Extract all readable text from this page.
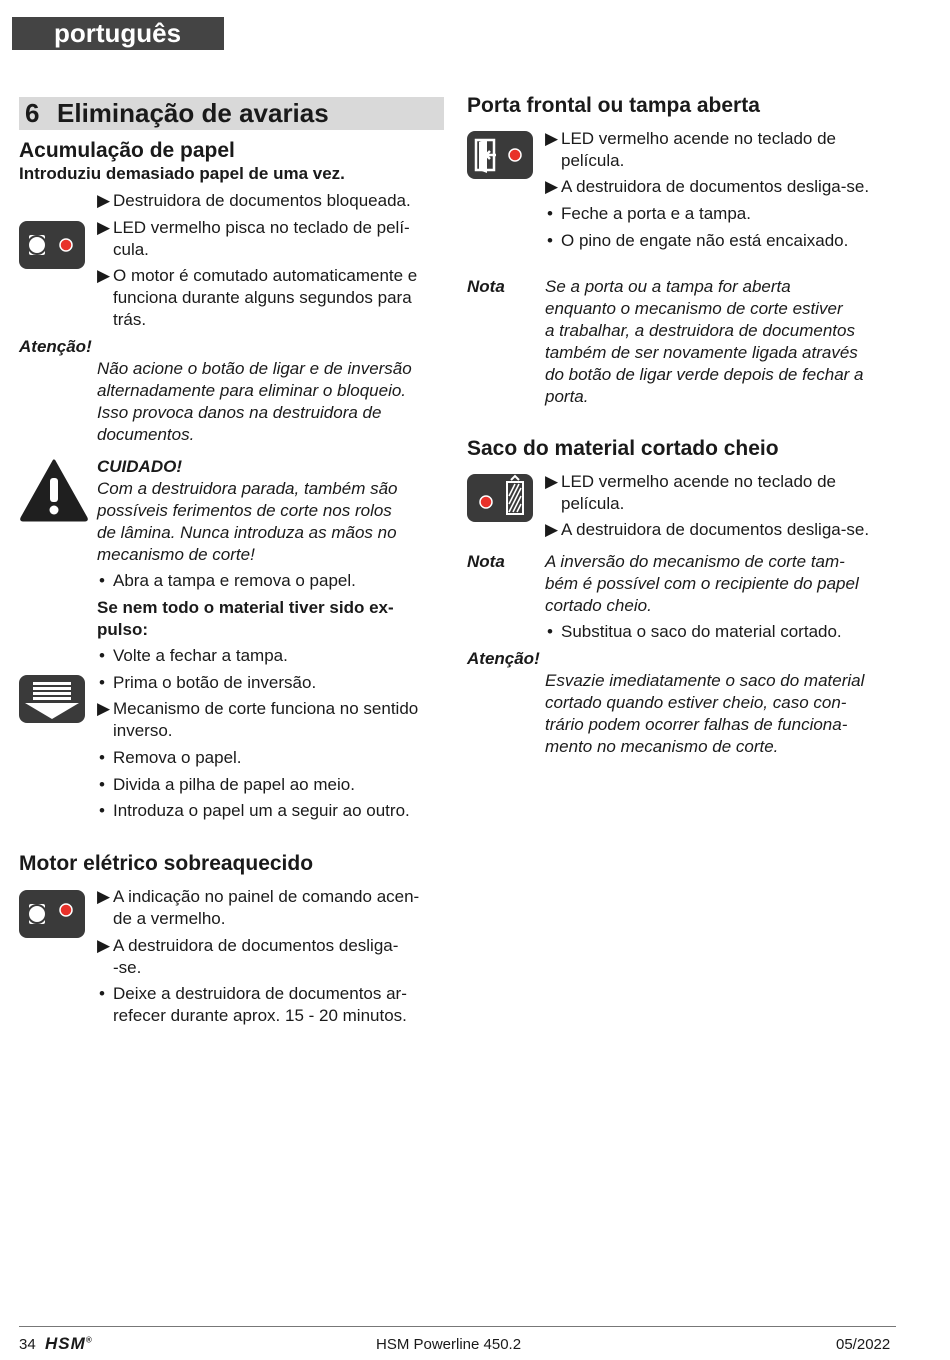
português
6 Eliminação de avarias
Acumulação de papel
Introduziu demasiado papel de uma vez.
▶ Destruidora de documentos bloqueada.
▶ LED vermelho pisca no teclado de pelí-
cula.
▶ O motor é comutado automaticamente e
funciona durante alguns segundos para
trás.
Atenção!
Não acione o botão de ligar e de inversão
alternadamente para eliminar o bloqueio.
Isso provoca danos na destruidora de
documentos.
CUIDADO!
Com a destruidora parada, também são
possíveis ferimentos de corte nos rolos
de lâmina. Nunca introduza as mãos no
mecanismo de corte!
• Abra a tampa e remova o papel.
Se nem todo o material tiver sido ex-
pulso:
• Volte a fechar a tampa.
• Prima o botão de inversão.
▶ Mecanismo de corte funciona no sentido
inverso.
• Remova o papel.
• Divida a pilha de papel ao meio.
• Introduza o papel um a seguir ao outro.
Motor elétrico sobreaquecido
▶ A indicação no painel de comando acen-
de a vermelho.
▶ A destruidora de documentos desliga-
-se.
• Deixe a destruidora de documentos ar-
refecer durante aprox. 15 - 20 minutos.
Porta frontal ou tampa aberta
▶ LED vermelho acende no teclado de
película.
▶ A destruidora de documentos desliga-se.
• Feche a porta e a tampa.
• O pino de engate não está encaixado.
Nota Se a porta ou a tampa for aberta
enquanto o mecanismo de corte estiver
a trabalhar, a destruidora de documentos
também de ser novamente ligada através
do botão de ligar verde depois de fechar a
porta.
Saco do material cortado cheio
▶ LED vermelho acende no teclado de
película.
▶ A destruidora de documentos desliga-se.
Nota A inversão do mecanismo de corte tam-
bém é possível com o recipiente do papel
cortado cheio.
• Substitua o saco do material cortado.
Atenção!
Esvazie imediatamente o saco do material
cortado quando estiver cheio, caso con-
trário podem ocorrer falhas de funciona-
mento no mecanismo de corte.
34 HSM®	HSM Powerline 450.2	05/2022
